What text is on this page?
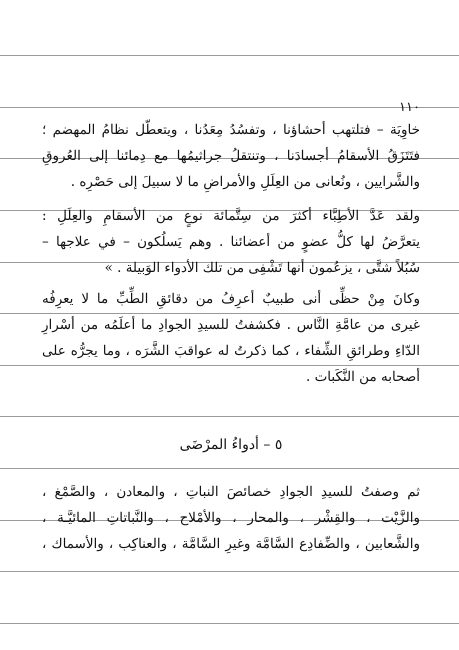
١١٠
خاوِيَة – فتلتهب أحشاؤنا ، وتفسُدُ مِعَدُنا ، ويتعطّل نظامُ المهضم ؛
فتَتَزَقُ الأسقامُ أجسادَنا ، وتنتقلُ جراثيمُها مع دِمائنا إلى العُروقِ
والشَّرايين ، ونُعانى من العِلَلِ والأمراضِ ما لا سبيلَ إلى حَصْرِه .
ولقد عَدَّ الأطِبَّاء أكثرَ من سِتَّمائة نوعٍ من الأسقامِ والعِلَلِ :
يتعرَّضُ لها كلُّ عضوٍ من أعضائنا . وهم يَسلُكون – في علاجها –
سُبُلاً شتَّى ، يزعُمون أنها تَشْفِى من تلك الأدواء الوَبيلة . »
وكانَ مِنْ حظِّى أنى طبيبٌ أعرِفُ من دقائقِ الطِّبِّ ما لا يعرِفُه
غيرى من عامَّةِ النَّاس . فكشفتُ للسيدِ الجوادِ ما أعلَمُه من أسْرارِ
الدّاءِ وطرائقِ الشِّفاء ، كما ذكرتُ له عواقبَ الشَّرَه ، وما يجرُّه على
أصحابه من النَّكَبات .
٥ – أدواءُ المرْضَى
ثم وصفتُ للسيدِ الجوادِ خصائصَ النباتِ ، والمعادن ، والصَّمْغ ،
والزَّيْت ، والقِشْر ، والمحار ، والأمْلاح ، والنَّباتاتِ المائيَّـة ،
والشَّعابين ، والضِّفادِع السَّامَّة وغيرِ السَّامَّة ، والعناكِب ، والأسماك ،
